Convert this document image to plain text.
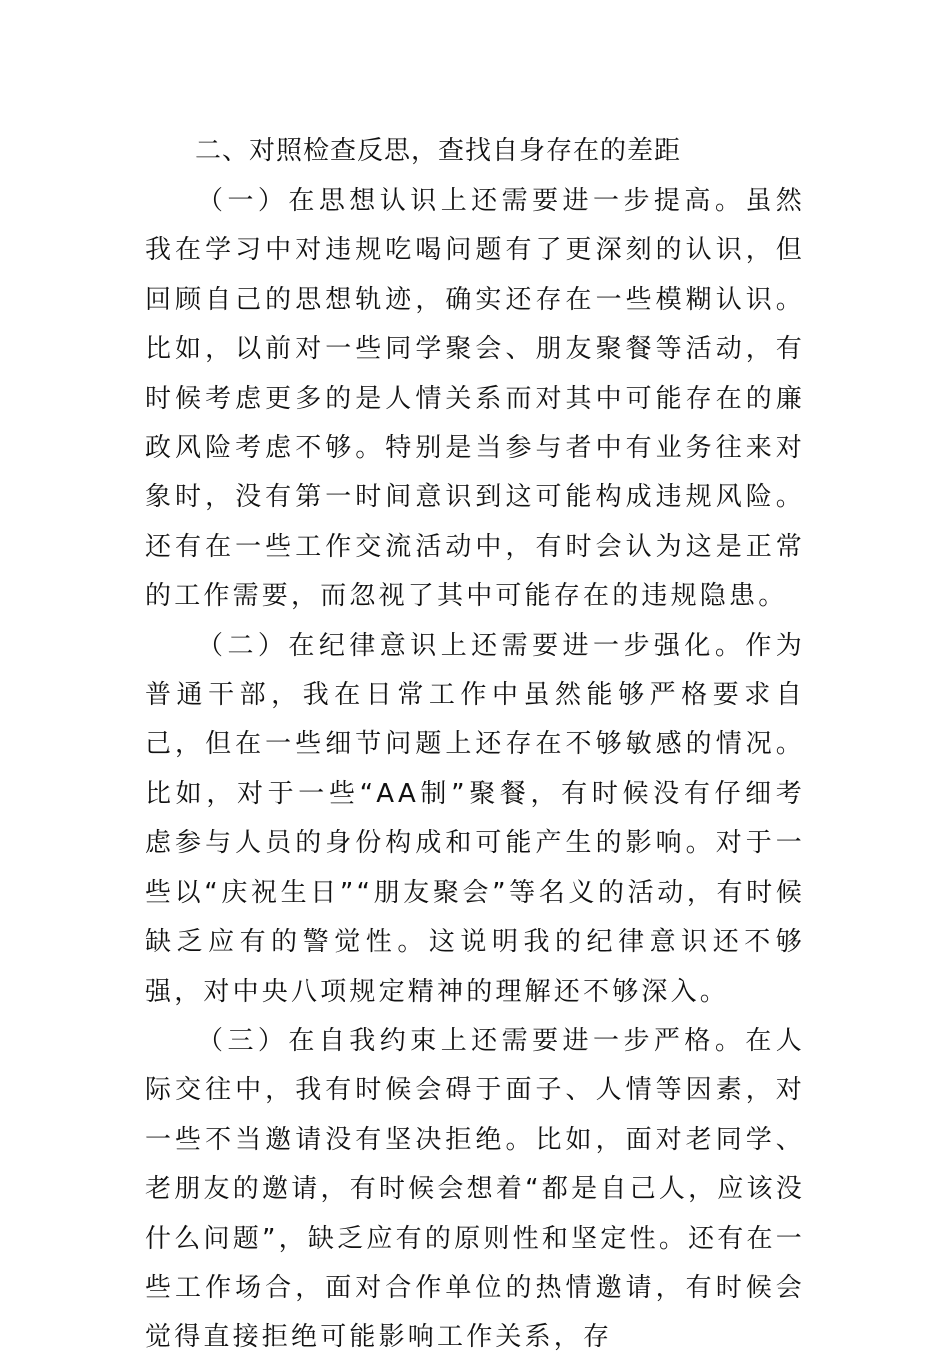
二、对照检查反思，查找自身存在的差距

（一）在思想认识上还需要进一步提高。虽然我在学习中对违规吃喝问题有了更深刻的认识，但回顾自己的思想轨迹，确实还存在一些模糊认识。比如，以前对一些同学聚会、朋友聚餐等活动，有时候考虑更多的是人情关系而对其中可能存在的廉政风险考虑不够。特别是当参与者中有业务往来对象时，没有第一时间意识到这可能构成违规风险。还有在一些工作交流活动中，有时会认为这是正常的工作需要，而忽视了其中可能存在的违规隐患。

（二）在纪律意识上还需要进一步强化。作为普通干部，我在日常工作中虽然能够严格要求自己，但在一些细节问题上还存在不够敏感的情况。比如，对于一些“AA制”聚餐，有时候没有仔细考虑参与人员的身份构成和可能产生的影响。对于一些以“庆祝生日”“朋友聚会”等名义的活动，有时候缺乏应有的警觉性。这说明我的纪律意识还不够强，对中央八项规定精神的理解还不够深入。

（三）在自我约束上还需要进一步严格。在人际交往中，我有时候会碍于面子、人情等因素，对一些不当邀请没有坚决拒绝。比如，面对老同学、老朋友的邀请，有时候会想着“都是自己人，应该没什么问题”，缺乏应有的原则性和坚定性。还有在一些工作场合，面对合作单位的热情邀请，有时候会觉得直接拒绝可能影响工作关系，存
